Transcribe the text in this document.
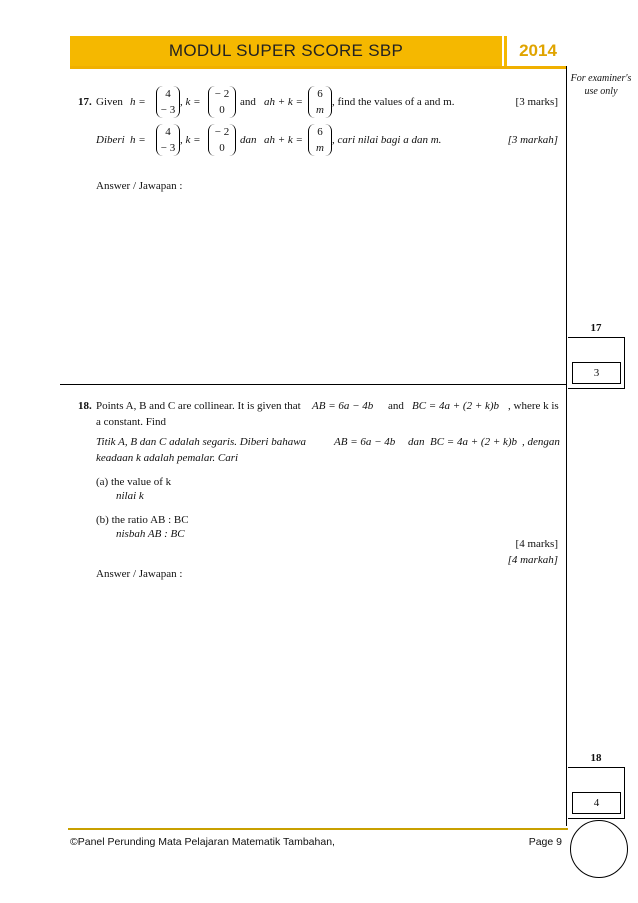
MODUL SUPER SCORE SBP	2014
For examiner's use only
17. Given h =
4
− 3
, k =
− 2
0
and ah + k =
6
m
, find the values of a and m.	[3 marks]
Diberi h =
4
− 3
, k =
− 2
0
dan ah + k =
6
m
, cari nilai bagi a dan m.	[3 markah]
Answer / Jawapan :
17
3
18. Points A, B and C are collinear. It is given that AB = 6a − 4b and BC = 4a + (2 + k)b , where k is
a constant. Find
Titik A, B dan C adalah segaris. Diberi bahawa	AB = 6a − 4b dan BC = 4a + (2 + k)b , dengan
keadaan k adalah pemalar. Cari
(a) the value of k
nilai k
(b) the ratio AB : BC
nisbah AB : BC
[4 marks]
[4 markah]
Answer / Jawapan :
18
4
©Panel Perunding Mata Pelajaran Matematik Tambahan,	Page 9
